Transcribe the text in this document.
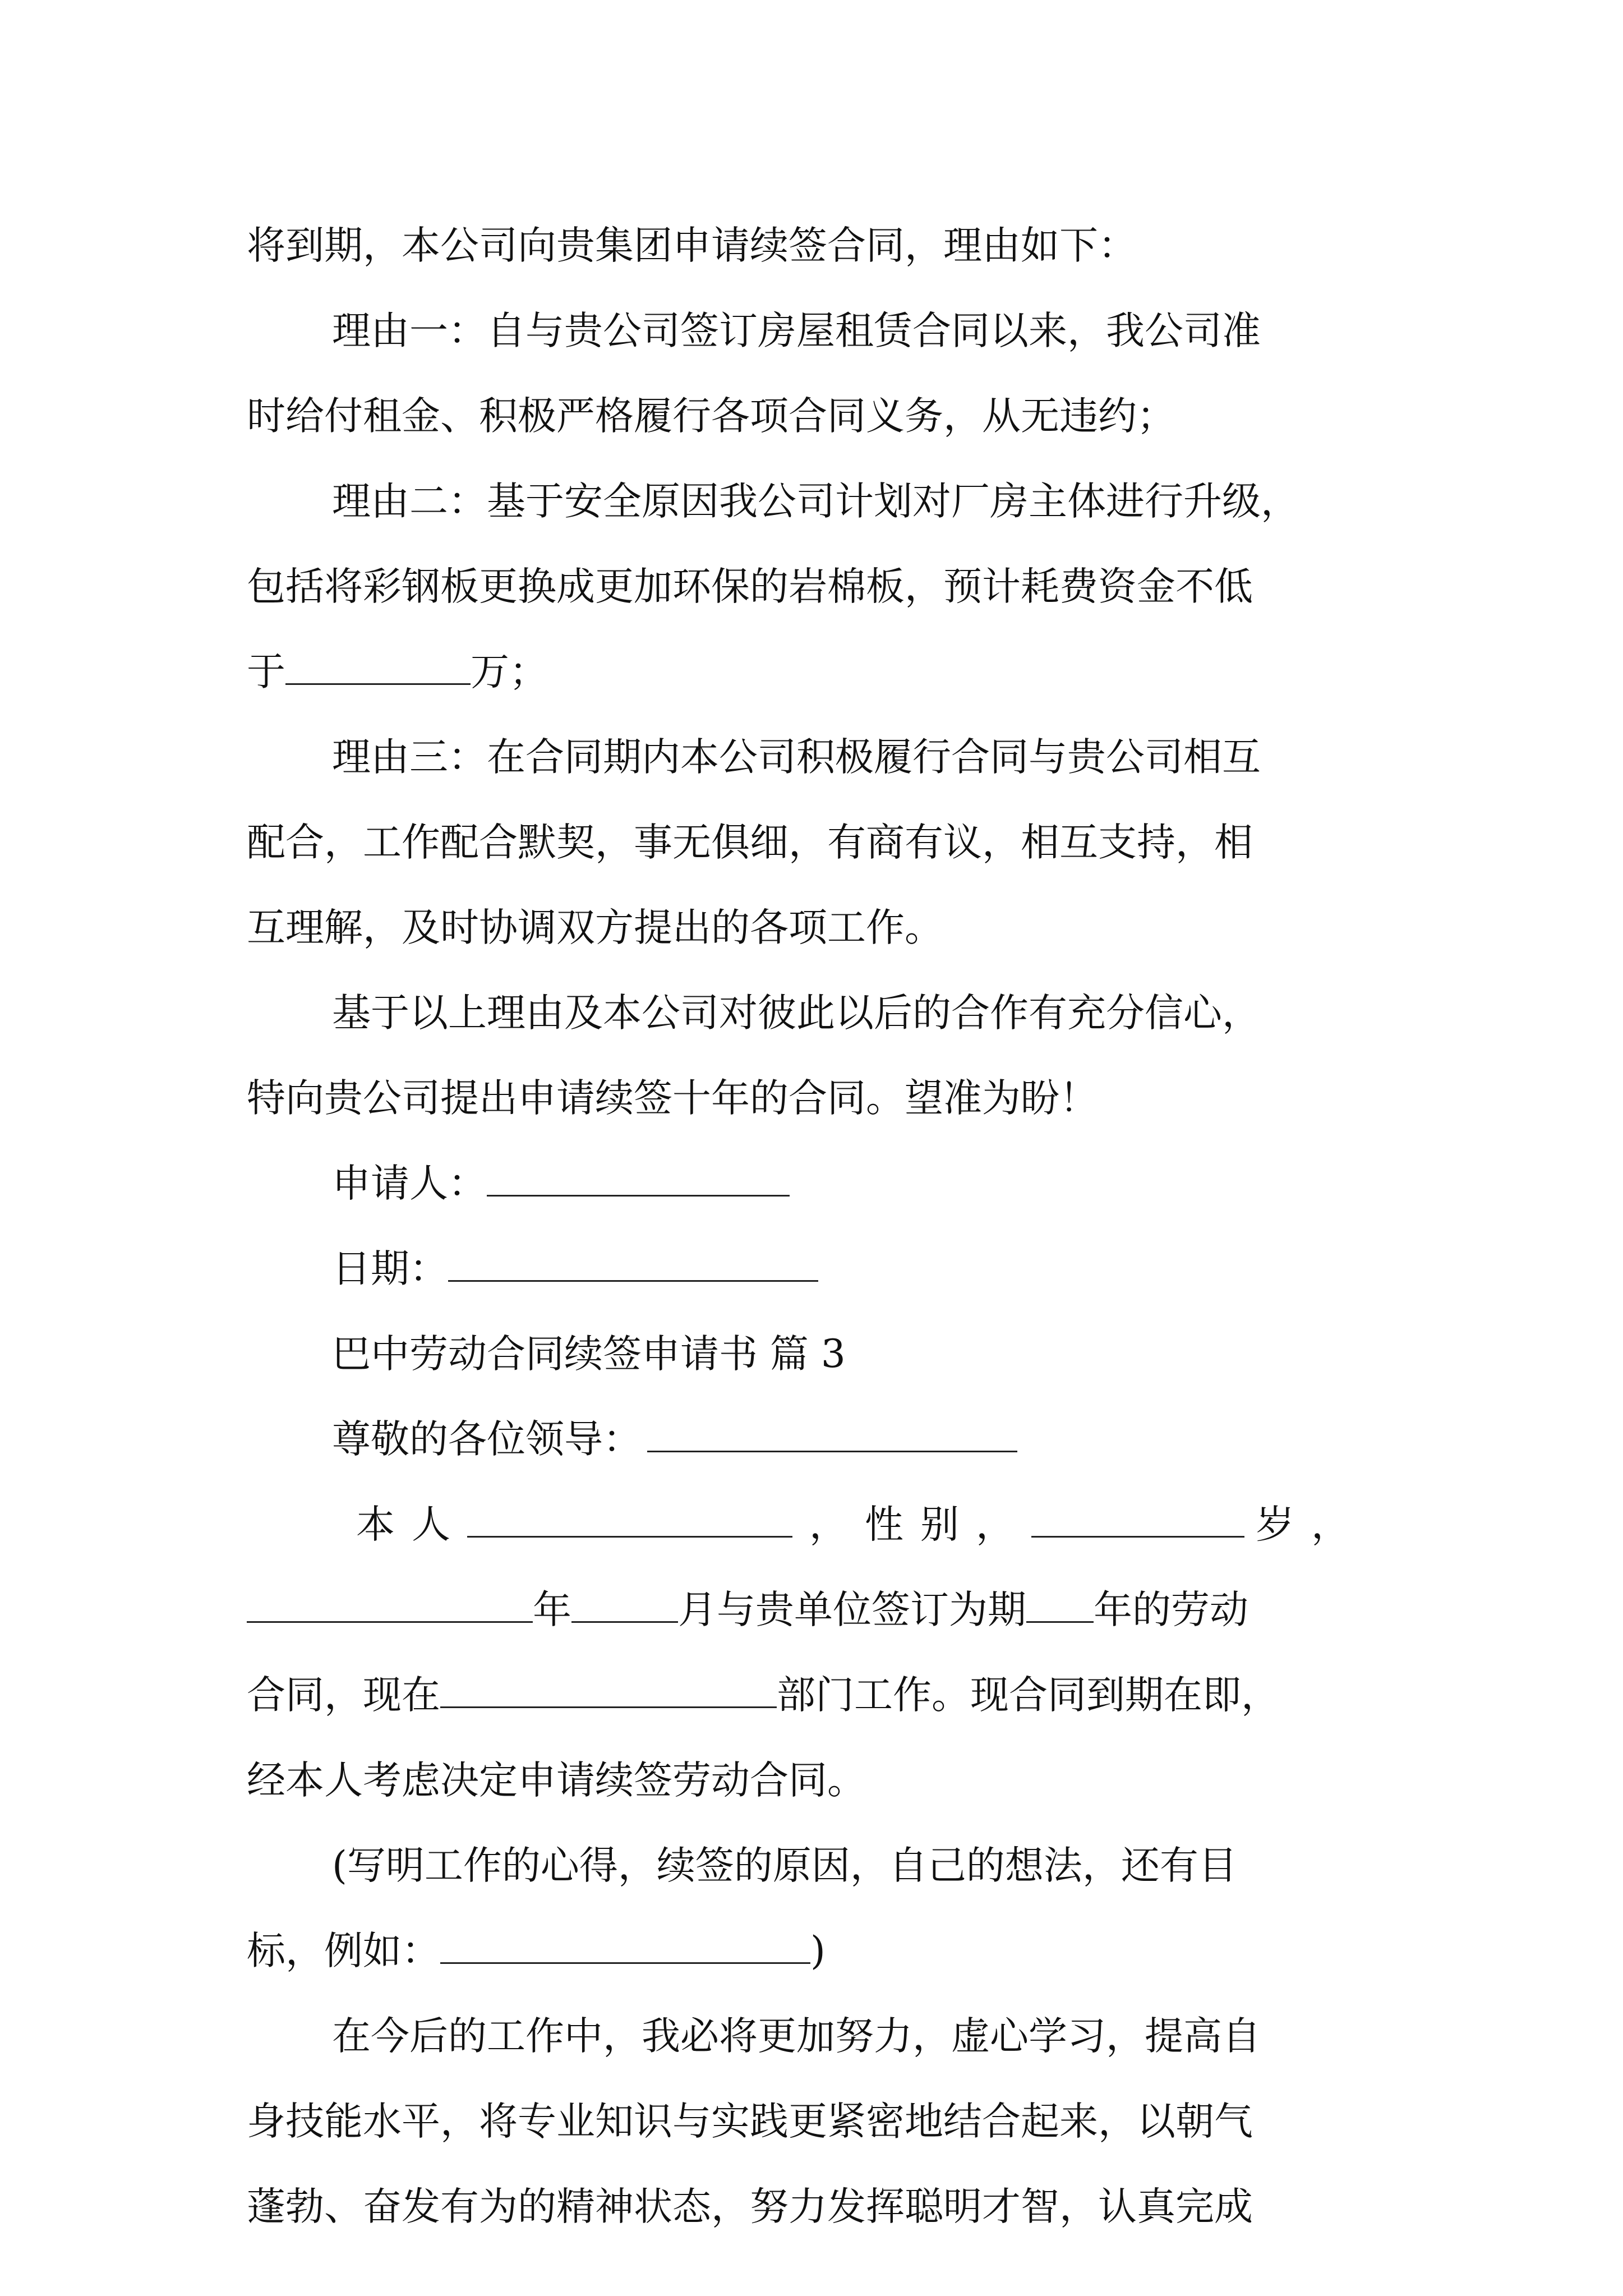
将到期，本公司向贵集团申请续签合同，理由如下：
理由一：自与贵公司签订房屋租赁合同以来，我公司准
时给付租金、积极严格履行各项合同义务，从无违约；
理由二：基于安全原因我公司计划对厂房主体进行升级，
包括将彩钢板更换成更加环保的岩棉板，预计耗费资金不低
于	万；
理由三：在合同期内本公司积极履行合同与贵公司相互
配合，工作配合默契，事无俱细，有商有议，相互支持，相
互理解，及时协调双方提出的各项工作。
基于以上理由及本公司对彼此以后的合作有充分信心，
特向贵公司提出申请续签十年的合同。望准为盼！
申请人：
日期：
巴中劳动合同续签申请书 篇 3
尊敬的各位领导：
本人	，性别，	岁，
年	月与贵单位签订为期 年的劳动
合同，现在	部门工作。现合同到期在即，
经本人考虑决定申请续签劳动合同。
(写明工作的心得，续签的原因，自己的想法，还有目
标，例如：	)
在今后的工作中，我必将更加努力，虚心学习，提高自
身技能水平，将专业知识与实践更紧密地结合起来，以朝气
蓬勃、奋发有为的精神状态，努力发挥聪明才智，认真完成
